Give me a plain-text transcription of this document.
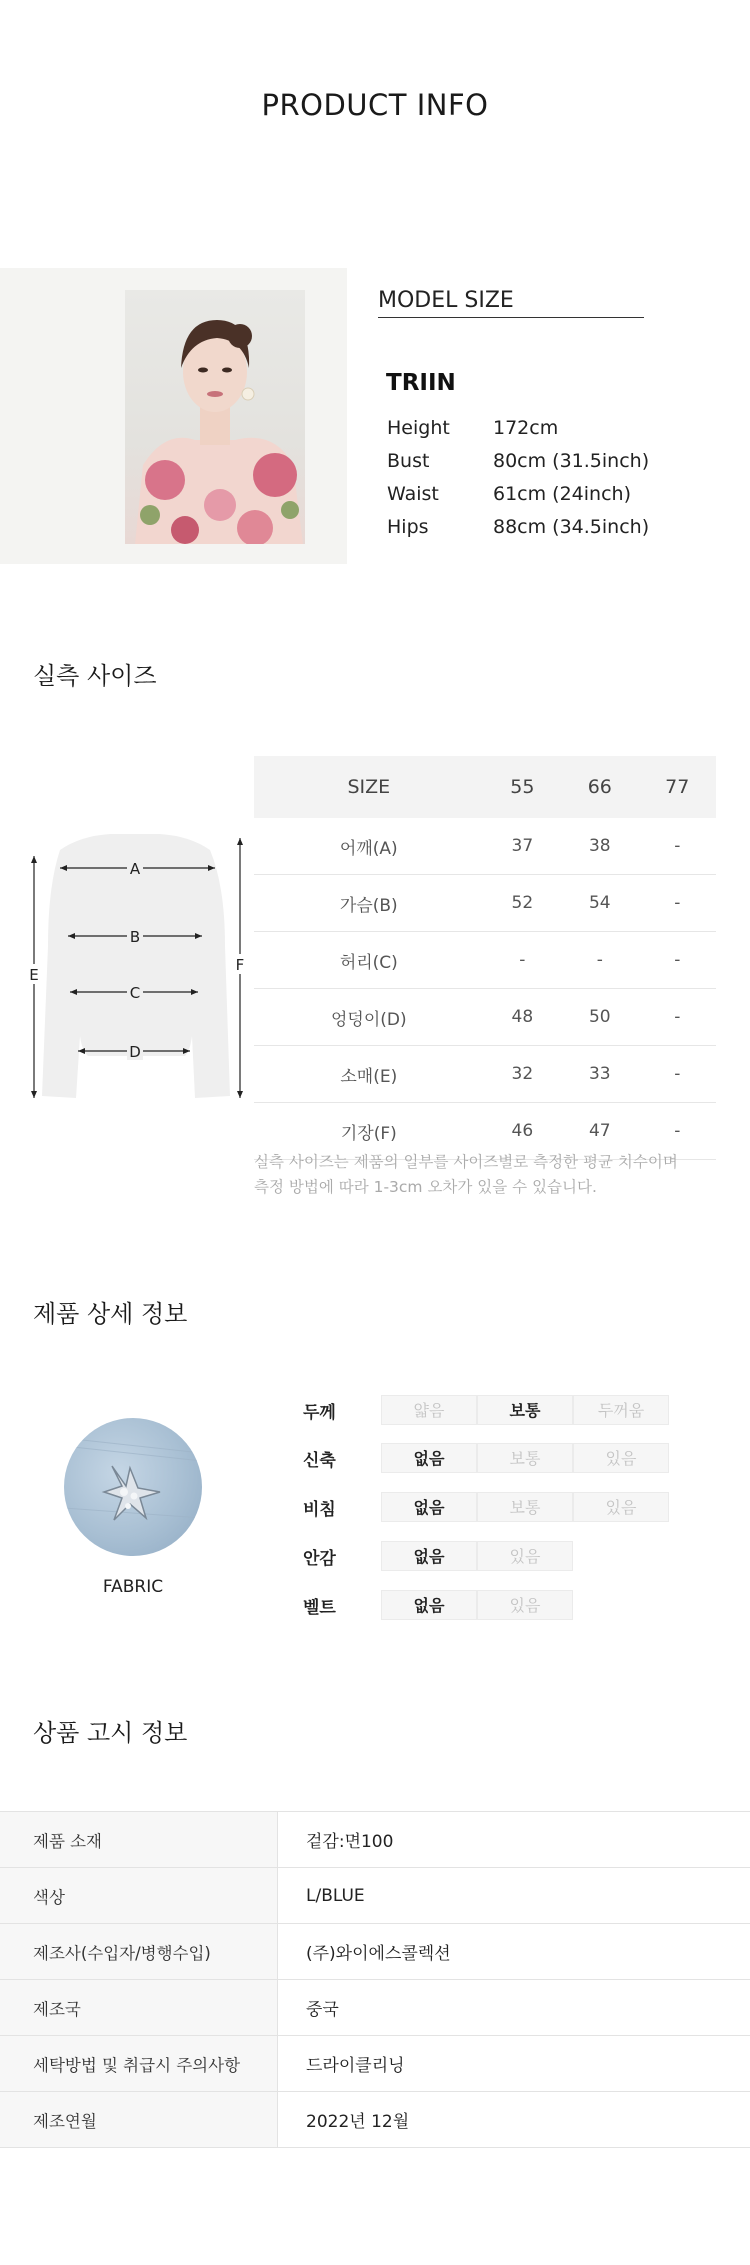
PRODUCT INFO
MODEL SIZE
TRIIN
Height	172cm
Bust	80cm (31.5inch)
Waist	61cm (24inch)
Hips	88cm (34.5inch)
실측 사이즈
A
B
C
D
E
F
SIZE	55	66	77
어깨(A)	37	38	-
가슴(B)	52	54	-
허리(C)	-	-	-
엉덩이(D)	48	50	-
소매(E)	32	33	-
기장(F)	46	47	-
실측 사이즈는 제품의 일부를 사이즈별로 측정한 평균 치수이며
측정 방법에 따라 1-3cm 오차가 있을 수 있습니다.
제품 상세 정보
FABRIC
두께	얇음	보통	두꺼움
신축	없음	보통	있음
비침	없음	보통	있음
안감	없음	있음
벨트	없음	있음
상품 고시 정보
제품 소재	겉감:면100
색상	L/BLUE
제조사(수입자/병행수입)	(주)와이에스콜렉션
제조국	중국
세탁방법 및 취급시 주의사항	드라이클리닝
제조연월	2022년 12월
